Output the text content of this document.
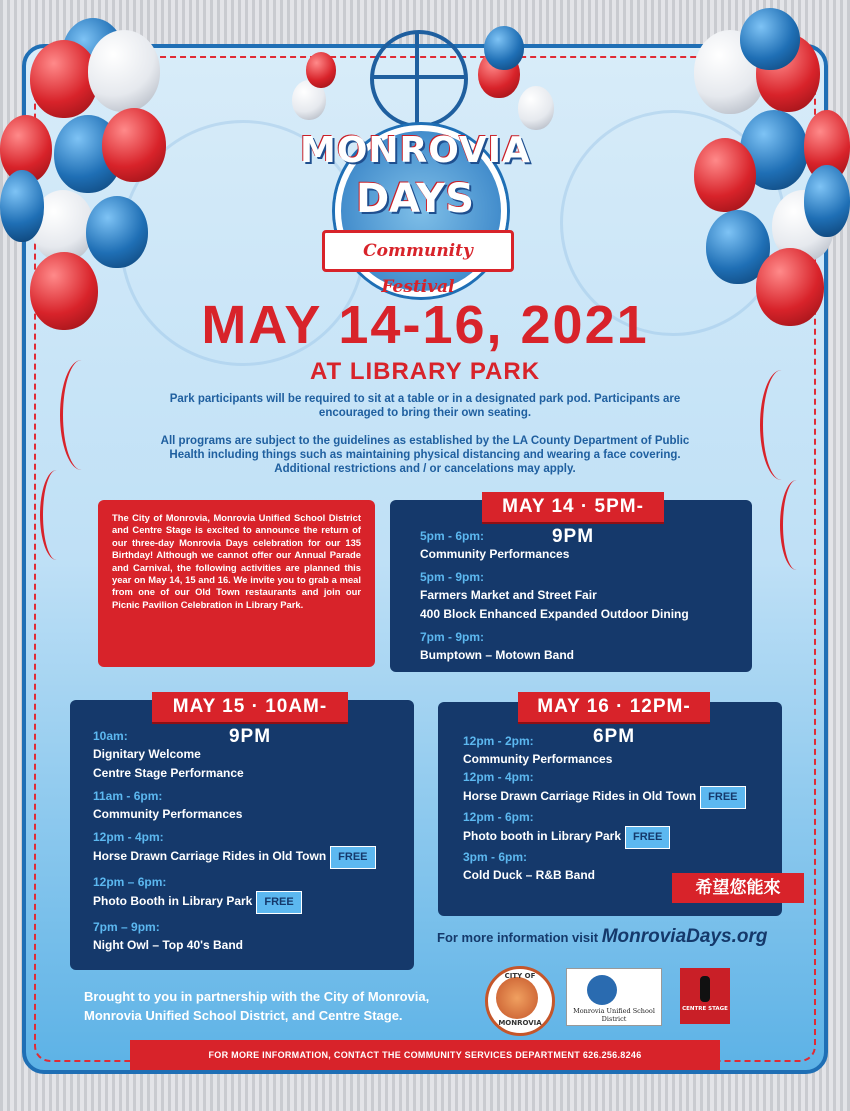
MONROVIA
DAYS
Community Festival
MAY 14-16, 2021
AT LIBRARY PARK
Park participants will be required to sit at a table or in a designated park pod. Participants are encouraged to bring their own seating.
All programs are subject to the guidelines as established by the LA County Department of Public Health including things such as maintaining physical distancing and wearing a face covering. Additional restrictions and / or cancelations may apply.

The City of Monrovia, Monrovia Unified School District and Centre Stage is excited to announce the return of our three-day Monrovia Days celebration for our 135 Birthday! Although we cannot offer our Annual Parade and Carnival, the following activities are planned this year on May 14, 15 and 16. We invite you to grab a meal from one of our Old Town restaurants and join our Picnic Pavilion Celebration in Library Park.

MAY 14 · 5PM-9PM
5pm - 6pm:
Community Performances
5pm - 9pm:
Farmers Market and Street Fair
400 Block Enhanced Expanded Outdoor Dining
7pm - 9pm:
Bumptown – Motown Band
MAY 15 · 10AM-9PM
10am:
Dignitary Welcome
Centre Stage Performance
11am - 6pm:
Community Performances
12pm - 4pm:
Horse Drawn Carriage Rides in Old Town FREE
12pm – 6pm:
Photo Booth in Library Park FREE
7pm – 9pm:
Night Owl – Top 40's Band
MAY 16 · 12PM-6PM
12pm - 2pm:
Community Performances
12pm - 4pm:
Horse Drawn Carriage Rides in Old Town FREE
12pm - 6pm:
Photo booth in Library Park FREE
3pm - 6pm:
Cold Duck – R&B Band
希望您能來
For more information visit MonroviaDays.org
Brought to you in partnership with the City of Monrovia, Monrovia Unified School District, and Centre Stage.
CITY OF
MONROVIA
Monrovia Unified School District
CENTRE STAGE
FOR MORE INFORMATION, CONTACT THE COMMUNITY SERVICES DEPARTMENT 626.256.8246
